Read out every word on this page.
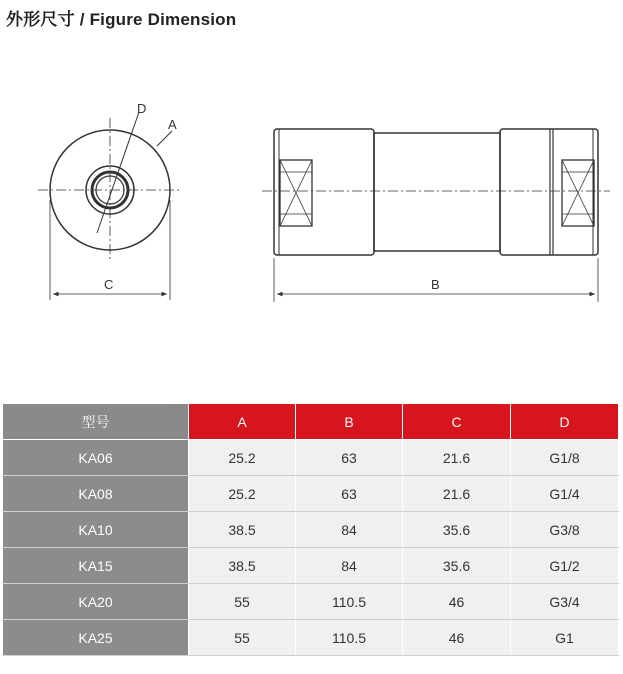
外形尺寸 / Figure Dimension
D
A
C	B
型号	A	B	C	D
KA06	25.2	63	21.6	G1/8
KA08	25.2	63	21.6	G1/4
KA10	38.5	84	35.6	G3/8
KA15	38.5	84	35.6	G1/2
KA20	55	110.5	46	G3/4
KA25	55	110.5	46	G1
